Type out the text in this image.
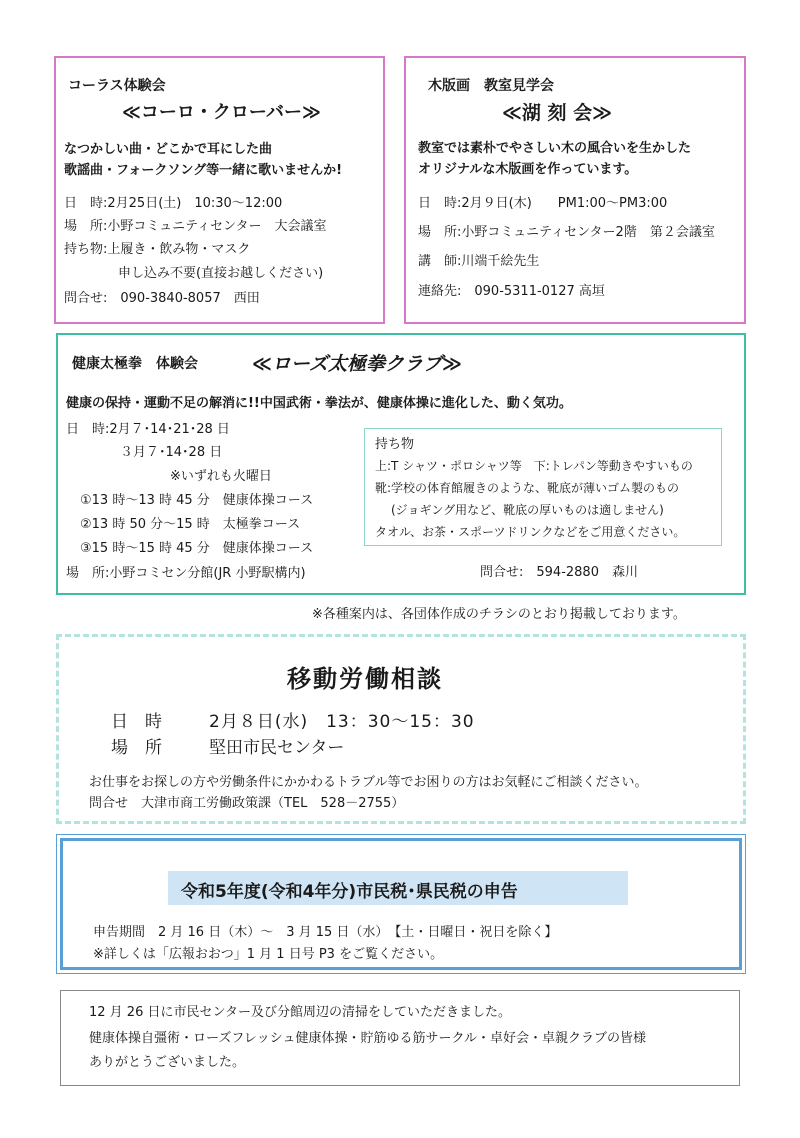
コーラス体験会
≪コーロ・クローバー≫
なつかしい曲・どこかで耳にした曲
歌謡曲・フォークソング等一緒に歌いませんか!
日　時:2月25日(土)　10:30～12:00
場　所:小野コミュニティセンター　大会議室
持ち物:上履き・飲み物・マスク
申し込み不要(直接お越しください)
問合せ:　090-3840-8057　西田
木版画　教室見学会
≪湖 刻 会≫
教室では素朴でやさしい木の風合いを生かした
オリジナルな木版画を作っています。
日　時:2月９日(木)　　PM1:00～PM3:00
場　所:小野コミュニティセンター2階　第２会議室
講　師:川端千絵先生
連絡先:　090-5311-0127 高垣
健康太極拳　体験会	≪ローズ太極拳クラブ≫
健康の保持・運動不足の解消に!!中国武術・拳法が、健康体操に進化した、動く気功。
日　時:2月７･14･21･28 日
３月７･14･28 日
※いずれも火曜日
①13 時～13 時 45 分　健康体操コース
②13 時 50 分～15 時　太極拳コース
③15 時～15 時 45 分　健康体操コース
場　所:小野コミセン分館(JR 小野駅構内)	問合せ:　594-2880　森川
持ち物
上:T シャツ・ポロシャツ等　下:トレパン等動きやすいもの
靴:学校の体育館履きのような、靴底が薄いゴム製のもの
(ジョギング用など、靴底の厚いものは適しません)
タオル、お茶・スポーツドリンクなどをご用意ください。
※各種案内は、各団体作成のチラシのとおり掲載しております。
移動労働相談
日　時	2月８日(水)　13：30～15：30
場　所	堅田市民センター
お仕事をお探しの方や労働条件にかかわるトラブル等でお困りの方はお気軽にご相談ください。
問合せ　大津市商工労働政策課（TEL　528－2755）
令和5年度(令和4年分)市民税･県民税の申告
申告期間　2 月 16 日（木）～　3 月 15 日（水）　【土・日曜日・祝日を除く】
※詳しくは「広報おおつ」1 月 1 日号 P3 をご覧ください。
12 月 26 日に市民センター及び分館周辺の清掃をしていただきました。
健康体操自彊術・ローズフレッシュ健康体操・貯筋ゆる筋サークル・卓好会・卓親クラブの皆様
ありがとうございました。
